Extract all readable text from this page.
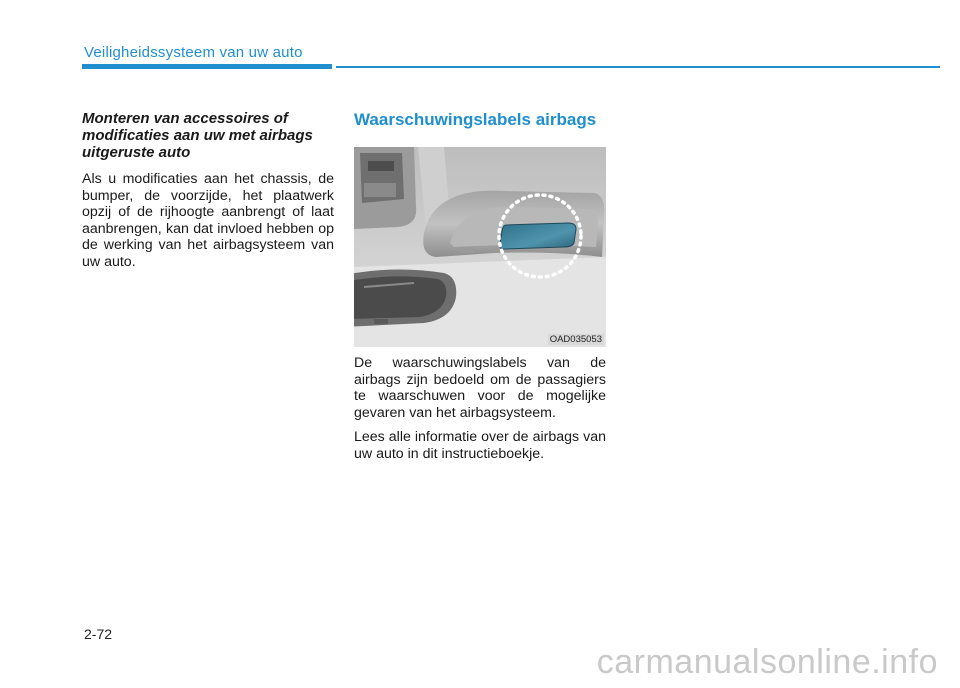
Veiligheidssysteem van uw auto
Monteren van accessoires of modificaties aan uw met airbags uitgeruste auto

Als u modificaties aan het chassis, de bumper, de voorzijde, het plaatwerk opzij of de rijhoogte aanbrengt of laat aanbrengen, kan dat invloed hebben op de werking van het airbagsysteem van uw auto.

Waarschuwingslabels airbags
OAD035053

De waarschuwingslabels van de airbags zijn bedoeld om de passagiers te waarschuwen voor de mogelijke gevaren van het airbagsysteem.

Lees alle informatie over de airbags van uw auto in dit instructieboekje.

2-72
carmanualsonline.info
